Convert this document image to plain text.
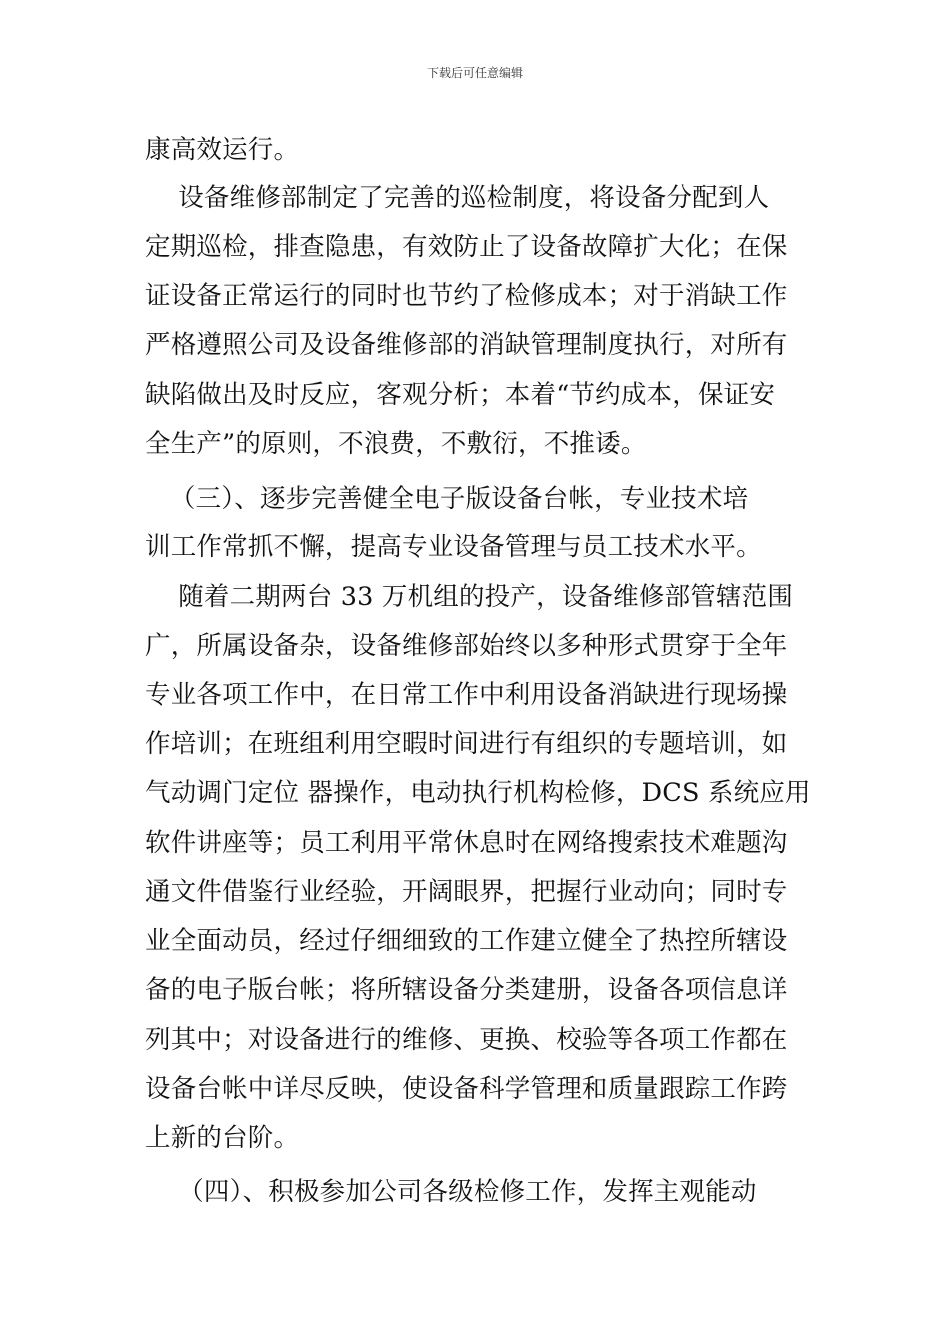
下载后可任意编辑
康高效运行。
设备维修部制定了完善的巡检制度，将设备分配到人
定期巡检，排查隐患，有效防止了设备故障扩大化；在保
证设备正常运行的同时也节约了检修成本；对于消缺工作
严格遵照公司及设备维修部的消缺管理制度执行，对所有
缺陷做出及时反应，客观分析；本着“节约成本，保证安
全生产”的原则，不浪费，不敷衍，不推诿。
（三）、逐步完善健全电子版设备台帐，专业技术培
训工作常抓不懈，提高专业设备管理与员工技术水平。
随着二期两台 33 万机组的投产，设备维修部管辖范围
广，所属设备杂，设备维修部始终以多种形式贯穿于全年
专业各项工作中，在日常工作中利用设备消缺进行现场操
作培训；在班组利用空暇时间进行有组织的专题培训，如
气动调门定位 器操作，电动执行机构检修，DCS 系统应用
软件讲座等；员工利用平常休息时在网络搜索技术难题沟
通文件借鉴行业经验，开阔眼界，把握行业动向；同时专
业全面动员，经过仔细细致的工作建立健全了热控所辖设
备的电子版台帐；将所辖设备分类建册，设备各项信息详
列其中；对设备进行的维修、更换、校验等各项工作都在
设备台帐中详尽反映，使设备科学管理和质量跟踪工作跨
上新的台阶。
（四）、积极参加公司各级检修工作，发挥主观能动
